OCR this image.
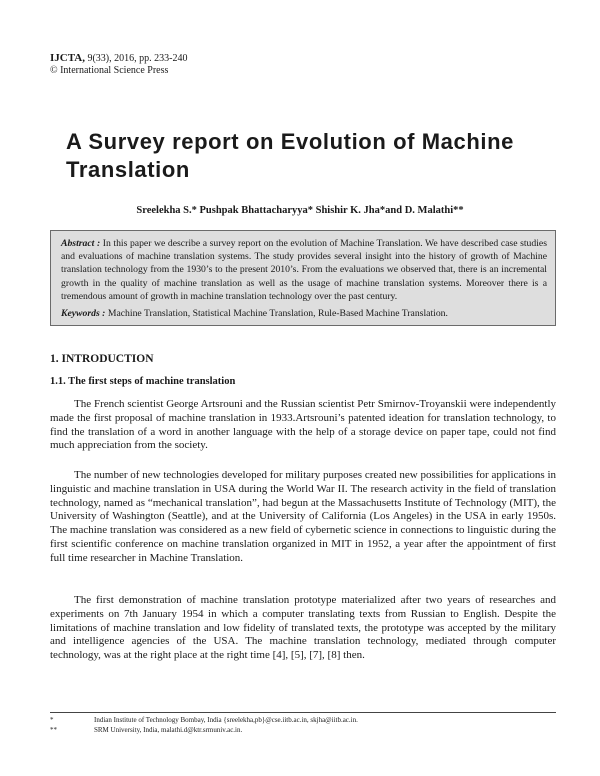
IJCTA, 9(33), 2016, pp. 233-240
© International Science Press
A Survey report on Evolution of Machine Translation
Sreelekha S.* Pushpak Bhattacharyya* Shishir K. Jha*and D. Malathi**

Abstract : In this paper we describe a survey report on the evolution of Machine Translation. We have described case studies and evaluations of machine translation systems. The study provides several insight into the history of growth of Machine translation technology from the 1930’s to the present 2010’s. From the evaluations we observed that, there is an incremental growth in the quality of machine translation as well as the usage of machine translation systems. Moreover there is a tremendous amount of growth in machine translation technology over the past century.

Keywords : Machine Translation, Statistical Machine Translation, Rule-Based Machine Translation.

1. INTRODUCTION
1.1. The first steps of machine translation

The French scientist George Artsrouni and the Russian scientist Petr Smirnov-Troyanskii were independently made the first proposal of machine translation in 1933.Artsrouni’s patented ideation for translation technology, to find the translation of a word in another language with the help of a storage device on paper tape, could not find much appreciation from the society.

The number of new technologies developed for military purposes created new possibilities for applications in linguistic and machine translation in USA during the World War II. The research activity in the field of translation technology, named as “mechanical translation”, had begun at the Massachusetts Institute of Technology (MIT), the University of Washington (Seattle), and at the University of California (Los Angeles) in the USA in early 1950s. The machine translation was considered as a new field of cybernetic science in connections to linguistic during the first scientific conference on machine translation organized in MIT in 1952, a year after the appointment of first full time researcher in Machine Translation.

The first demonstration of machine translation prototype materialized after two years of researches and experiments on 7th January 1954 in which a computer translating texts from Russian to English. Despite the limitations of machine translation and low fidelity of translated texts, the prototype was accepted by the military and intelligence agencies of the USA. The machine translation technology, mediated through computer technology, was at the right place at the right time [4], [5], [7], [8] then.

*	Indian Institute of Technology Bombay, India {sreelekha,pb}@cse.iitb.ac.in, skjha@iitb.ac.in.
**	SRM University, India, malathi.d@ktr.srmuniv.ac.in.
